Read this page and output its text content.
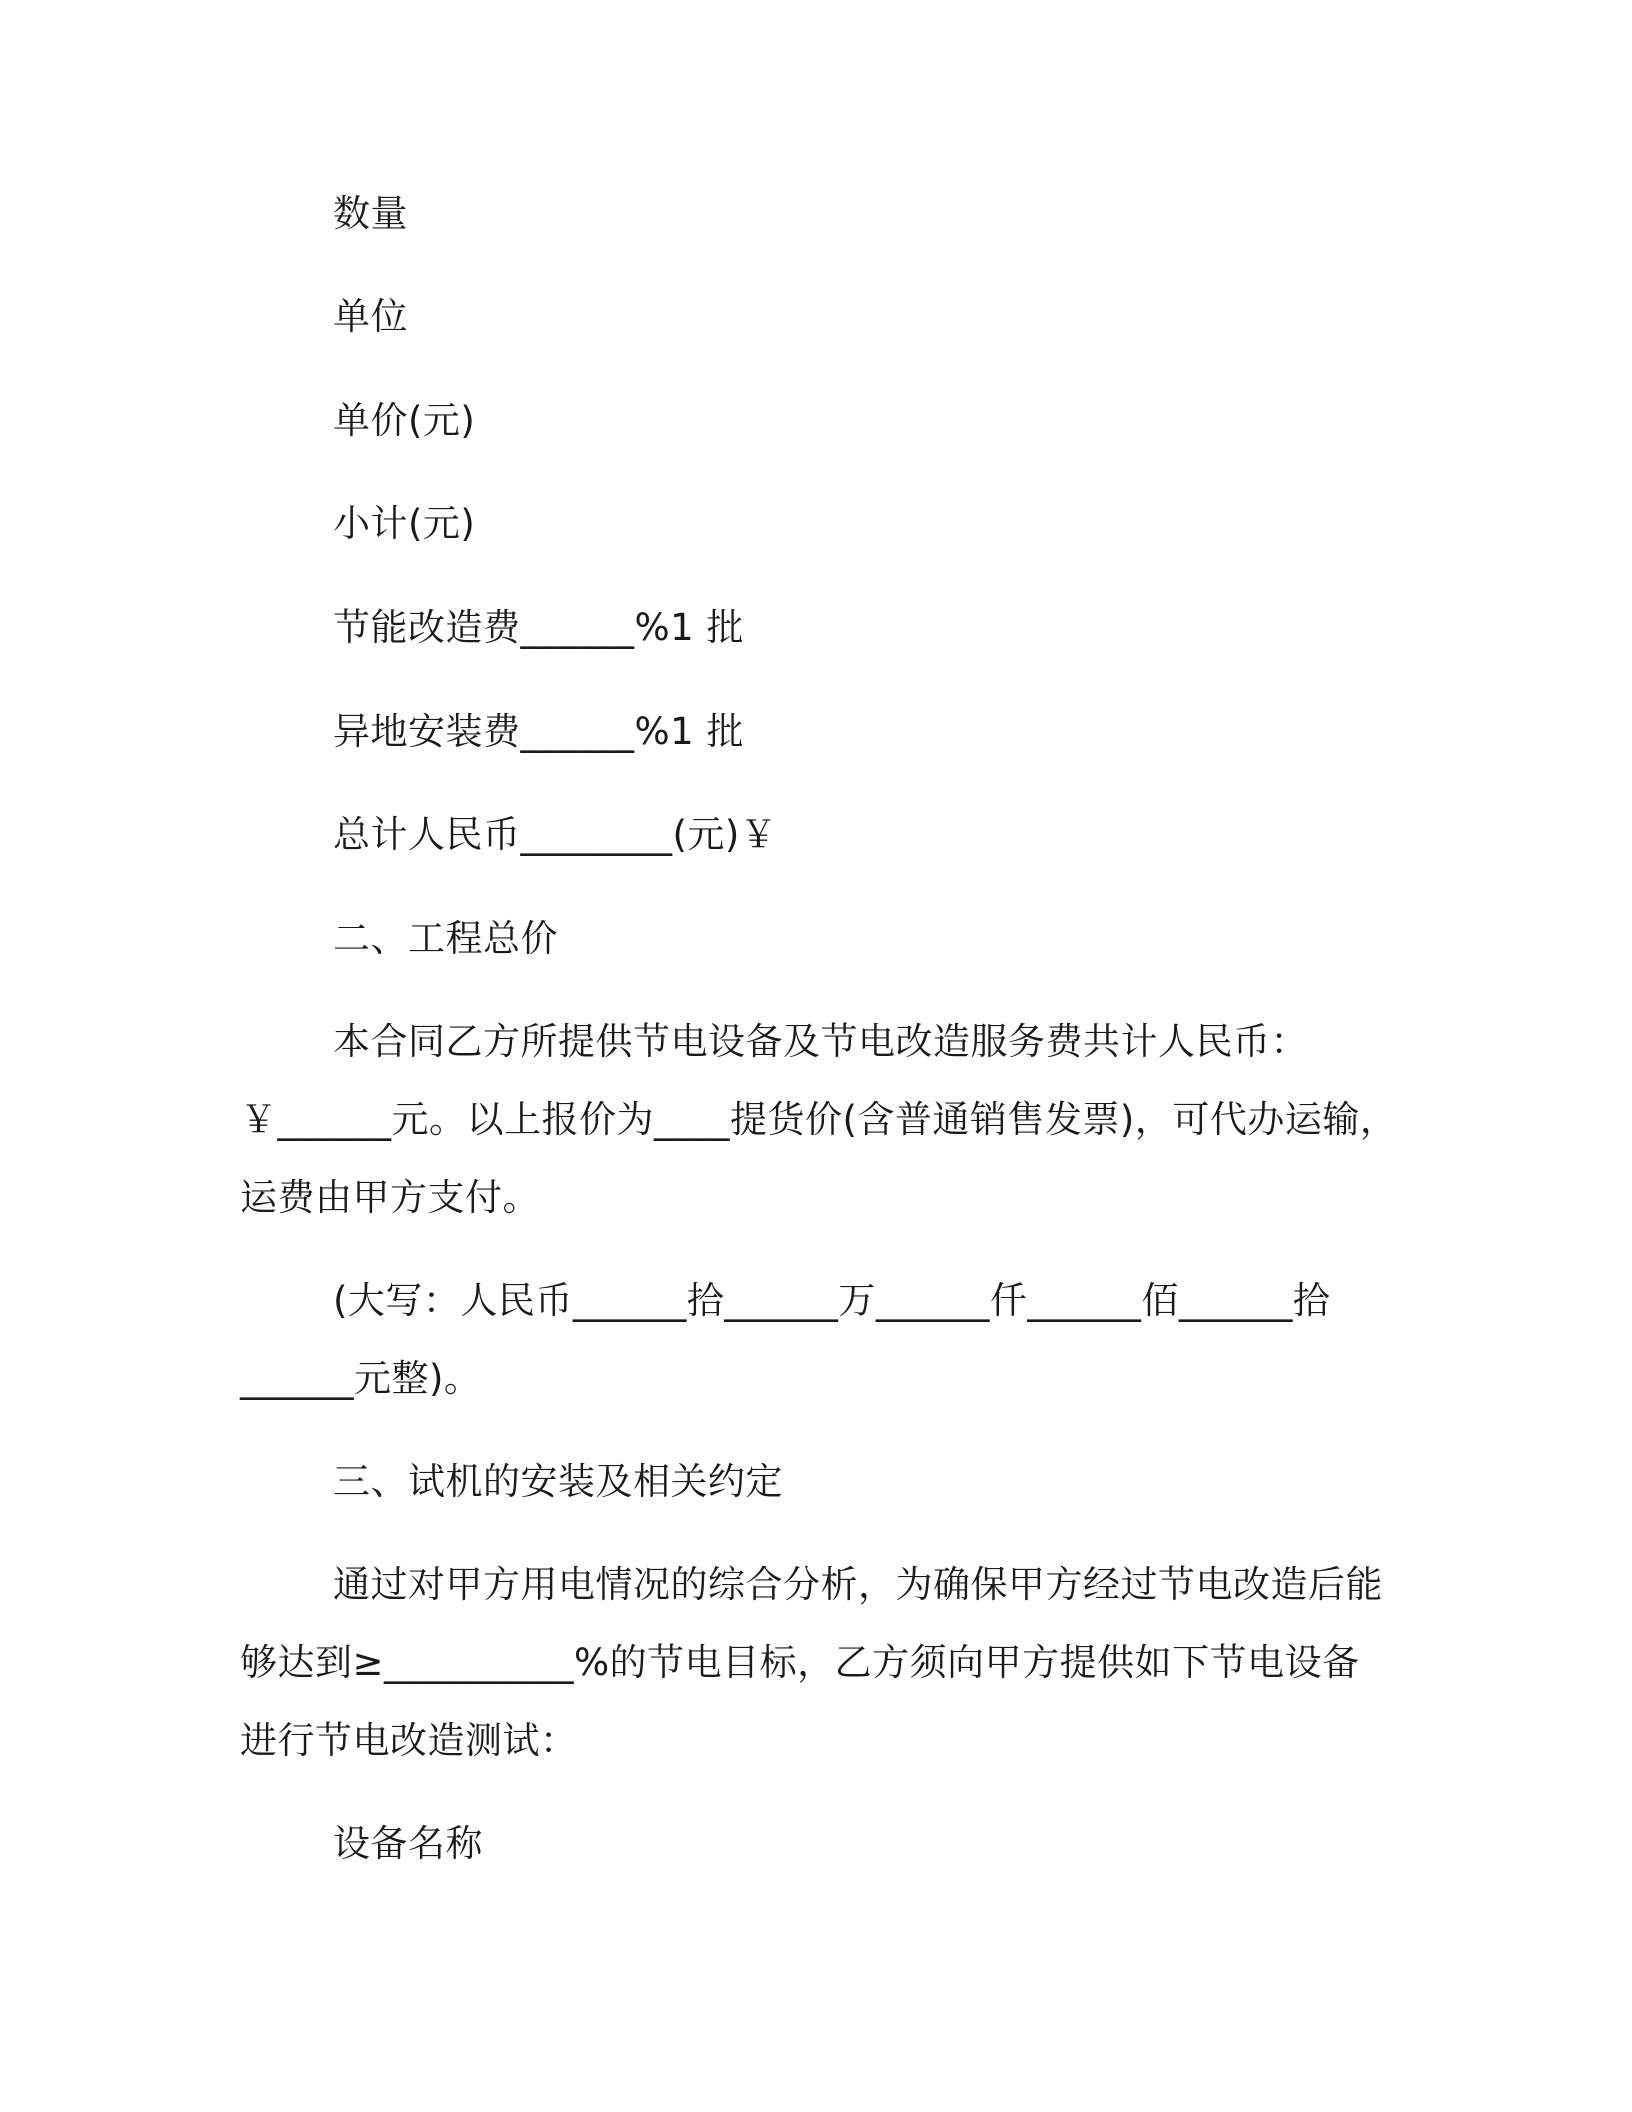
数量
单位
单价(元)
小计(元)
节能改造费______%1 批
异地安装费______%1 批
总计人民币________(元)￥
二、工程总价
本合同乙方所提供节电设备及节电改造服务费共计人民币：
￥______元。以上报价为____提货价(含普通销售发票)，可代办运输，
运费由甲方支付。
(大写：人民币______拾______万______仟______佰______拾
______元整)。
三、试机的安装及相关约定
通过对甲方用电情况的综合分析，为确保甲方经过节电改造后能
够达到≥__________%的节电目标，乙方须向甲方提供如下节电设备
进行节电改造测试：
设备名称
